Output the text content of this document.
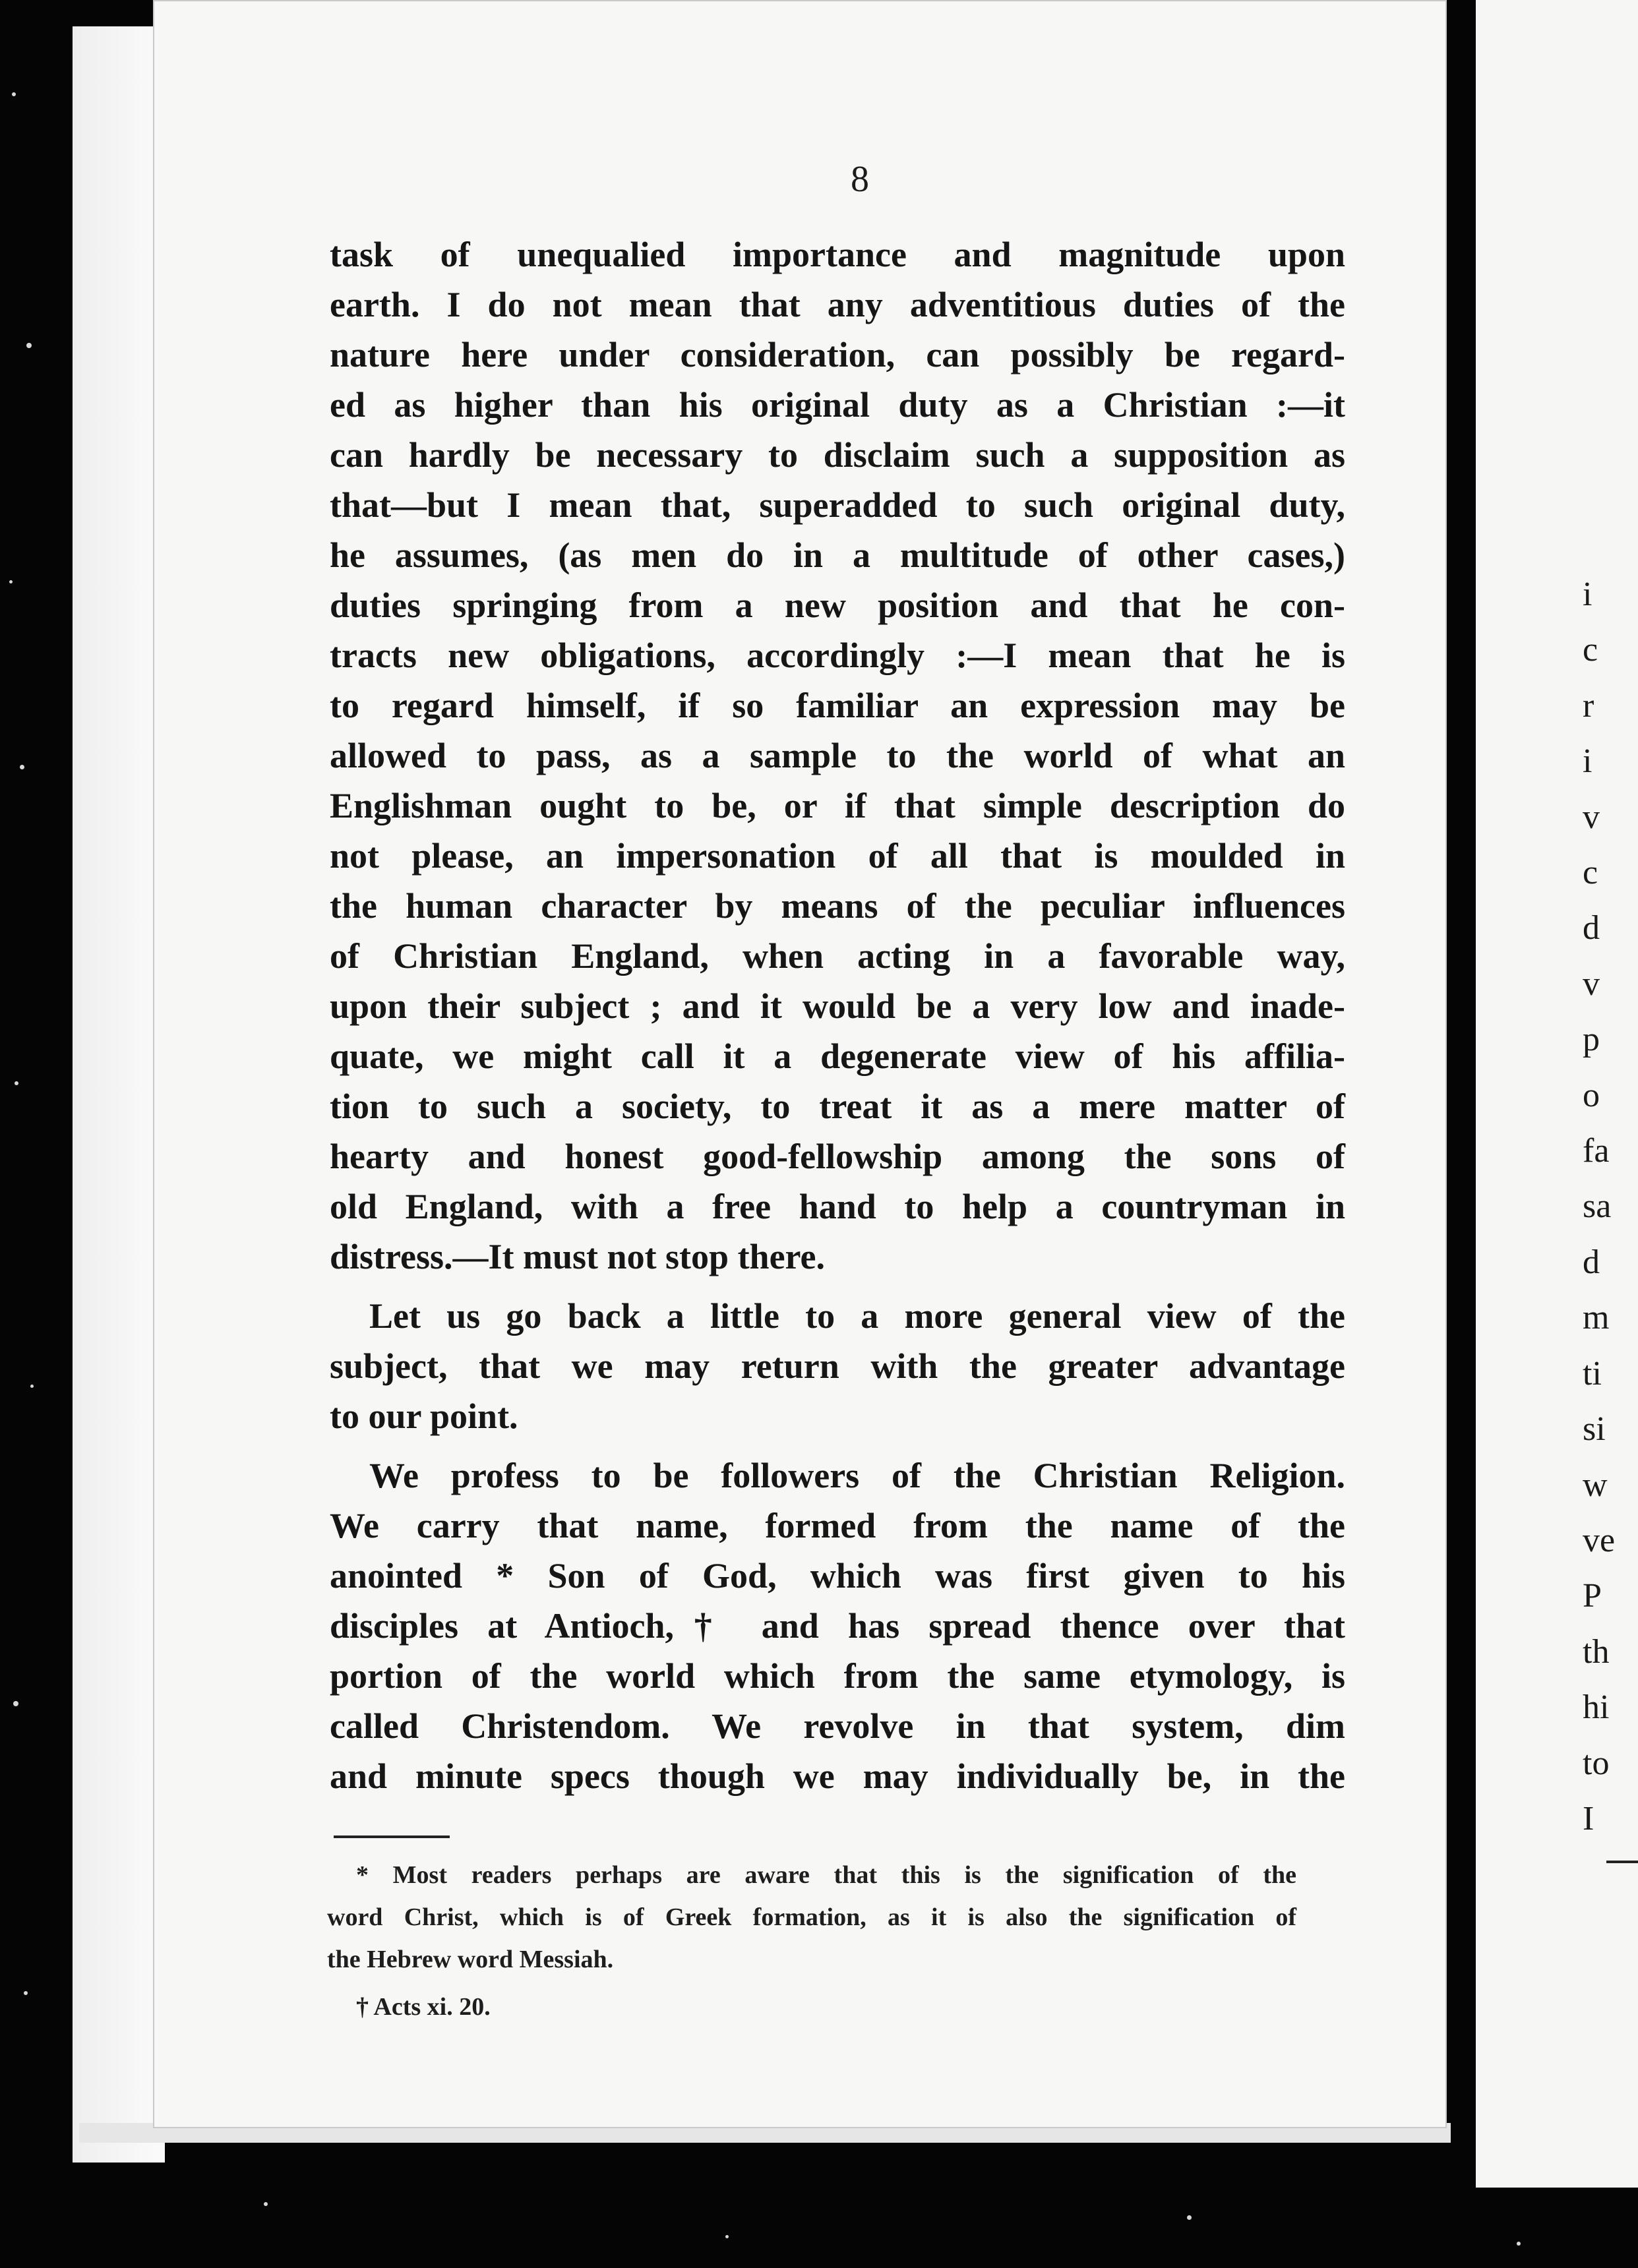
8
task of unequalied importance and magnitude upon
earth. I do not mean that any adventitious duties of the
nature here under consideration, can possibly be regard-
ed as higher than his original duty as a Christian :—it
can hardly be necessary to disclaim such a supposition as
that—but I mean that, superadded to such original duty,
he assumes, (as men do in a multitude of other cases,)
duties springing from a new position and that he con-
tracts new obligations, accordingly :—I mean that he is
to regard himself, if so familiar an expression may be
allowed to pass, as a sample to the world of what an
Englishman ought to be, or if that simple description do
not please, an impersonation of all that is moulded in
the human character by means of the peculiar influences
of Christian England, when acting in a favorable way,
upon their subject ; and it would be a very low and inade-
quate, we might call it a degenerate view of his affilia-
tion to such a society, to treat it as a mere matter of
hearty and honest good-fellowship among the sons of
old England, with a free hand to help a countryman in
distress.—It must not stop there.
Let us go back a little to a more general view of the
subject, that we may return with the greater advantage
to our point.
We profess to be followers of the Christian Religion.
We carry that name, formed from the name of the
anointed * Son of God, which was first given to his
disciples at Antioch,† and has spread thence over that
portion of the world which from the same etymology, is
called Christendom. We revolve in that system, dim
and minute specs though we may individually be, in the
* Most readers perhaps are aware that this is the signification of the
word Christ, which is of Greek formation, as it is also the signification of
the Hebrew word Messiah.
† Acts xi. 20.
i
c
r
i
v
c
d
v
p
o
fa
sa
d
m
ti
si
w
ve
P
th
hi
to
I
